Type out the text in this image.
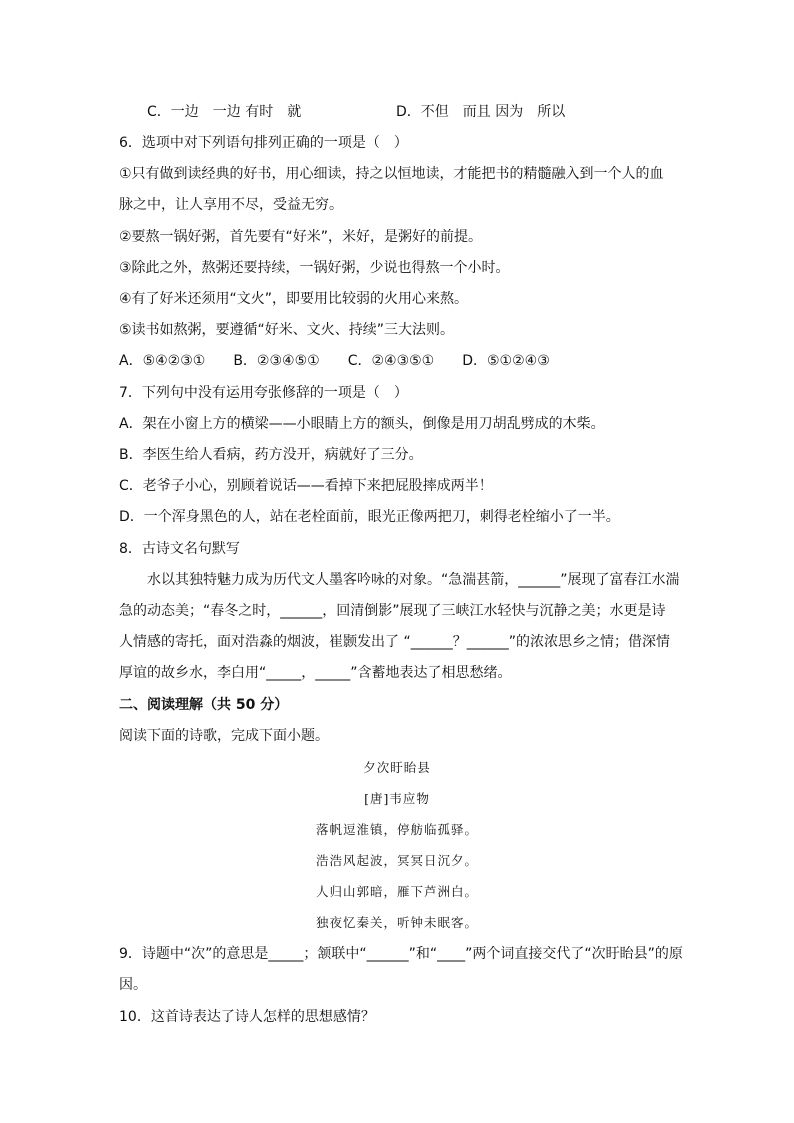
C．一边　一边 有时　就	D．不但　而且 因为　所以
6．选项中对下列语句排列正确的一项是（　）
①只有做到读经典的好书，用心细读，持之以恒地读，才能把书的精髓融入到一个人的血
脉之中，让人享用不尽，受益无穷。
②要熬一锅好粥，首先要有“好米”，米好，是粥好的前提。
③除此之外，熬粥还要持续，一锅好粥，少说也得熬一个小时。
④有了好米还须用“文火”，即要用比较弱的火用心来熬。
⑤读书如熬粥，要遵循“好米、文火、持续”三大法则。
A．⑤④②③①　　B．②③④⑤①　　C．②④③⑤①　　D．⑤①②④③
7．下列句中没有运用夸张修辞的一项是（　）
A．架在小窗上方的横梁——小眼睛上方的额头，倒像是用刀胡乱劈成的木柴。
B．李医生给人看病，药方没开，病就好了三分。
C．老爷子小心，别顾着说话——看掉下来把屁股摔成两半！
D．一个浑身黑色的人，站在老栓面前，眼光正像两把刀，刺得老栓缩小了一半。
8．古诗文名句默写
水以其独特魅力成为历代文人墨客吟咏的对象。“急湍甚箭，______”展现了富春江水湍
急的动态美；“春冬之时，______，回清倒影”展现了三峡江水轻快与沉静之美；水更是诗
人情感的寄托，面对浩淼的烟波，崔颢发出了 “______？______”的浓浓思乡之情；借深情
厚谊的故乡水，李白用“_____，_____”含蓄地表达了相思愁绪。
二、阅读理解（共 50 分）
阅读下面的诗歌，完成下面小题。
夕次盱眙县
[唐]韦应物
落帆逗淮镇，停舫临孤驿。
浩浩风起波，冥冥日沉夕。
人归山郭暗，雁下芦洲白。
独夜忆秦关，听钟未眠客。
9．诗题中“次”的意思是_____；颔联中“______”和“____”两个词直接交代了“次盱眙县”的原
因。
10．这首诗表达了诗人怎样的思想感情？
